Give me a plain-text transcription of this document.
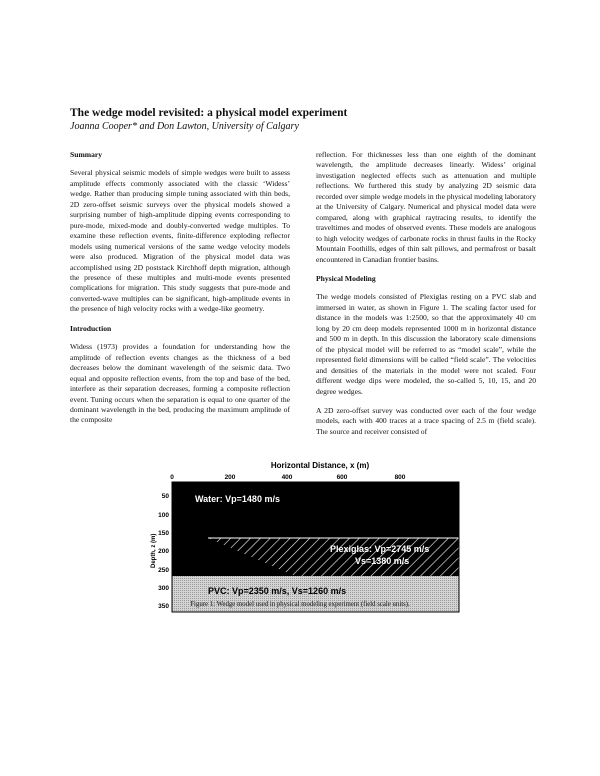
The wedge model revisited: a physical model experiment
Joanna Cooper* and Don Lawton, University of Calgary
Summary
Several physical seismic models of simple wedges were built to assess amplitude effects commonly associated with the classic ‘Widess’ wedge. Rather than producing simple tuning associated with thin beds, 2D zero-offset seismic surveys over the physical models showed a surprising number of high-amplitude dipping events corresponding to pure-mode, mixed-mode and doubly-converted wedge multiples. To examine these reflection events, finite-difference exploding reflector models using numerical versions of the same wedge velocity models were also produced. Migration of the physical model data was accomplished using 2D poststack Kirchhoff depth migration, although the presence of these multiples and multi-mode events presented complications for migration. This study suggests that pure-mode and converted-wave multiples can be significant, high-amplitude events in the presence of high velocity rocks with a wedge-like geometry.
Introduction
Widess (1973) provides a foundation for understanding how the amplitude of reflection events changes as the thickness of a bed decreases below the dominant wavelength of the seismic data. Two equal and opposite reflection events, from the top and base of the bed, interfere as their separation decreases, forming a composite reflection event. Tuning occurs when the separation is equal to one quarter of the dominant wavelength in the bed, producing the maximum amplitude of the composite
reflection. For thicknesses less than one eighth of the dominant wavelength, the amplitude decreases linearly. Widess’ original investigation neglected effects such as attenuation and multiple reflections. We furthered this study by analyzing 2D seismic data recorded over simple wedge models in the physical modeling laboratory at the University of Calgary. Numerical and physical model data were compared, along with graphical raytracing results, to identify the traveltimes and modes of observed events. These models are analogous to high velocity wedges of carbonate rocks in thrust faults in the Rocky Mountain Foothills, edges of thin salt pillows, and permafrost or basalt encountered in Canadian frontier basins.
Physical Modeling
The wedge models consisted of Plexiglas resting on a PVC slab and immersed in water, as shown in Figure 1. The scaling factor used for distance in the models was 1:2500, so that the approximately 40 cm long by 20 cm deep models represented 1000 m in horizontal distance and 500 m in depth. In this discussion the laboratory scale dimensions of the physical model will be referred to as “model scale”, while the represented field dimensions will be called “field scale”. The velocities and densities of the materials in the model were not scaled. Four different wedge dips were modeled, the so-called 5, 10, 15, and 20 degree wedges.
A 2D zero-offset survey was conducted over each of the four wedge models, each with 400 traces at a trace spacing of 2.5 m (field scale). The source and receiver consisted of
Horizontal Distance, x (m)
0	200	400	600	800
Water: Vp=1480 m/s
Plexiglas: Vp=2745 m/s
Vs=1380 m/s
PVC: Vp=2350 m/s, Vs=1260 m/s
50
100
150
200
250
300
350
Depth, z (m)
Figure 1: Wedge model used in physical modeling experiment (field scale units).
